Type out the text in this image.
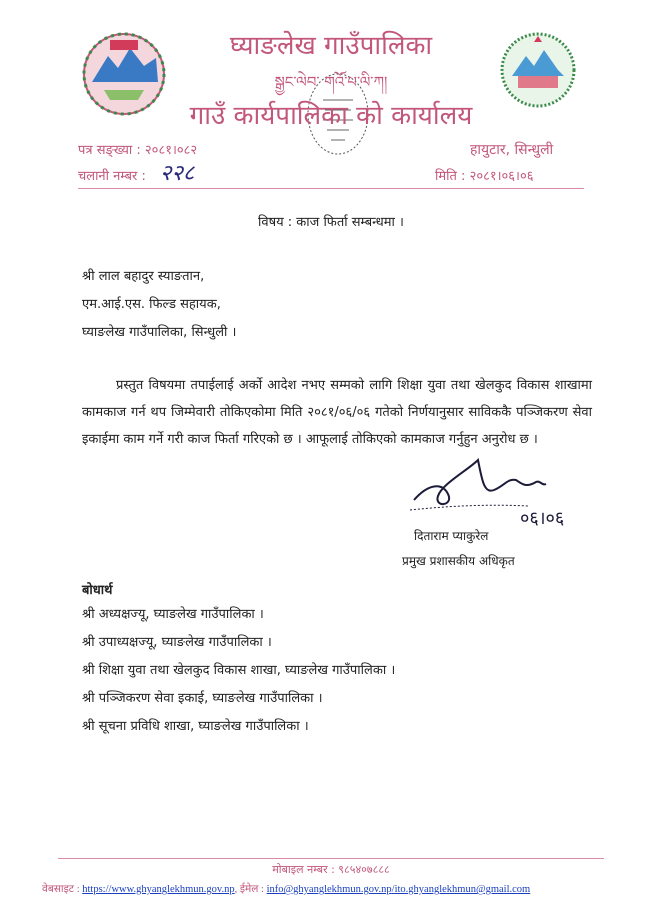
घ्याङलेख गाउँपालिका
སྒྱང་ལེབ་ གའོ་པ་ལི་ཀ།
गाउँ कार्यपालिका को कार्यालय
पत्र सङ्ख्या : २०८१।०८२	हायुटार, सिन्धुली
चलानी नम्बर : २२८	मिति : २०८१।०६।०६
विषय : काज फिर्ता सम्बन्धमा ।
श्री लाल बहादुर स्याङतान,
एम.आई.एस. फिल्ड सहायक,
घ्याङलेख गाउँपालिका, सिन्धुली ।
प्रस्तुत विषयमा तपाईलाई अर्को आदेश नभए सम्मको लागि शिक्षा युवा तथा खेलकुद विकास शाखामा कामकाज गर्न थप जिम्मेवारी तोकिएकोमा मिति २०८१/०६/०६ गतेको निर्णयानुसार साविककै पञ्जिकरण सेवा इकाईमा काम गर्ने गरी काज फिर्ता गरिएको छ । आफूलाई तोकिएको कामकाज गर्नुहुन अनुरोध छ ।
०६।०६
दिताराम प्याकुरेल
प्रमुख प्रशासकीय अधिकृत
बोधार्थ
श्री अध्यक्षज्यू, घ्याङलेख गाउँपालिका ।
श्री उपाध्यक्षज्यू, घ्याङलेख गाउँपालिका ।
श्री शिक्षा युवा तथा खेलकुद विकास शाखा, घ्याङलेख गाउँपालिका ।
श्री पञ्जिकरण सेवा इकाई, घ्याङलेख गाउँपालिका ।
श्री सूचना प्रविधि शाखा, घ्याङलेख गाउँपालिका ।
मोबाइल नम्बर : ९८५४०७८८८
वेबसाइट : https://www.ghyanglekhmun.gov.np, ईमेल : info@ghyanglekhmun.gov.np/ito.ghyanglekhmun@gmail.com
